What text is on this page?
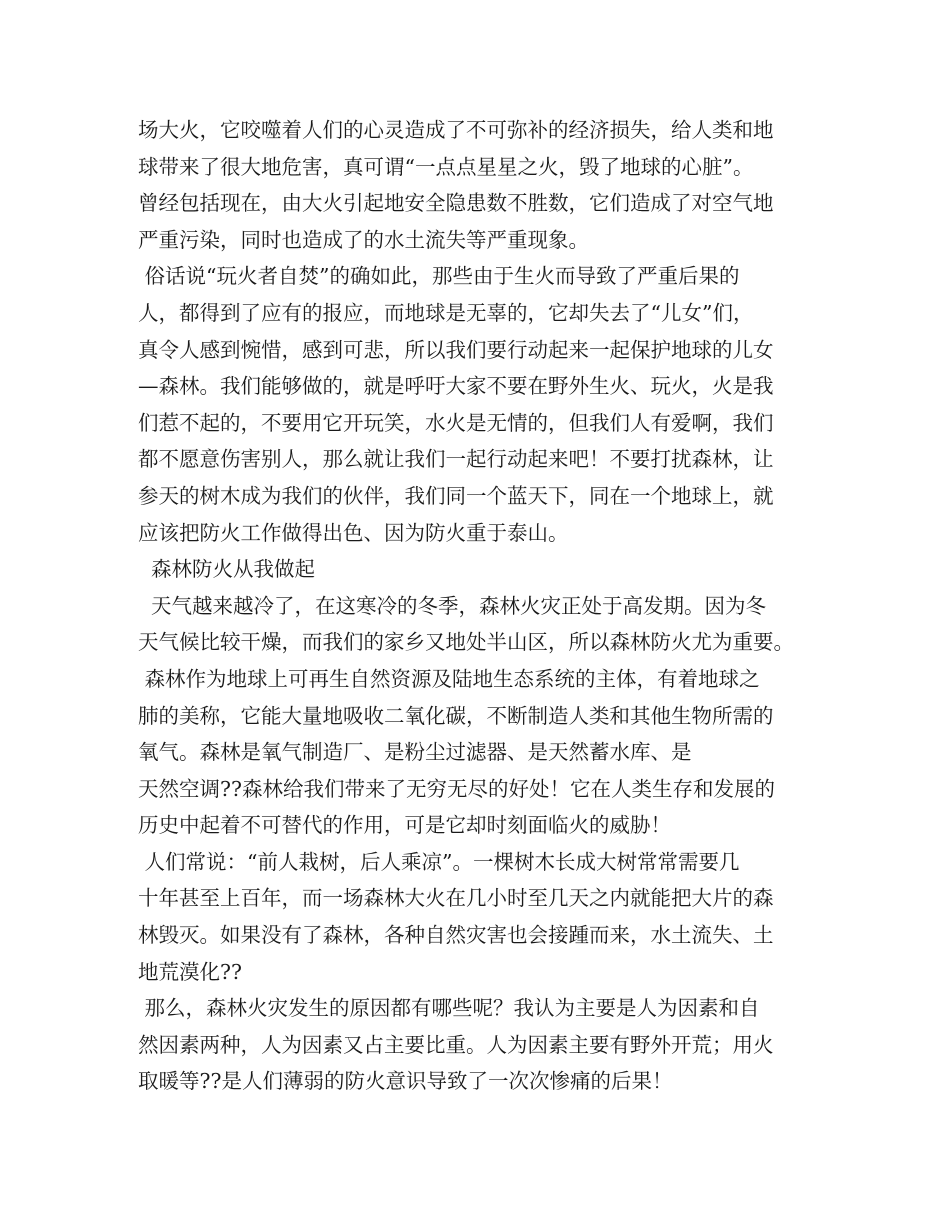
场大火，它咬噬着人们的心灵造成了不可弥补的经济损失，给人类和地
球带来了很大地危害，真可谓“一点点星星之火，毁了地球的心脏”。
曾经包括现在，由大火引起地安全隐患数不胜数，它们造成了对空气地
严重污染，同时也造成了的水土流失等严重现象。
俗话说“玩火者自焚”的确如此，那些由于生火而导致了严重后果的
人，都得到了应有的报应，而地球是无辜的，它却失去了“儿女”们，
真令人感到惋惜，感到可悲，所以我们要行动起来一起保护地球的儿女
—森林。我们能够做的，就是呼吁大家不要在野外生火、玩火，火是我
们惹不起的，不要用它开玩笑，水火是无情的，但我们人有爱啊，我们
都不愿意伤害别人，那么就让我们一起行动起来吧！不要打扰森林，让
参天的树木成为我们的伙伴，我们同一个蓝天下，同在一个地球上，就
应该把防火工作做得出色、因为防火重于泰山。
森林防火从我做起
天气越来越冷了，在这寒冷的冬季，森林火灾正处于高发期。因为冬
天气候比较干燥，而我们的家乡又地处半山区，所以森林防火尤为重要。
森林作为地球上可再生自然资源及陆地生态系统的主体，有着地球之
肺的美称，它能大量地吸收二氧化碳，不断制造人类和其他生物所需的
氧气。森林是氧气制造厂、是粉尘过滤器、是天然蓄水库、是
天然空调??森林给我们带来了无穷无尽的好处！它在人类生存和发展的
历史中起着不可替代的作用，可是它却时刻面临火的威胁！
人们常说：“前人栽树，后人乘凉”。一棵树木长成大树常常需要几
十年甚至上百年，而一场森林大火在几小时至几天之内就能把大片的森
林毁灭。如果没有了森林，各种自然灾害也会接踵而来，水土流失、土
地荒漠化??
那么，森林火灾发生的原因都有哪些呢？我认为主要是人为因素和自
然因素两种，人为因素又占主要比重。人为因素主要有野外开荒；用火
取暖等??是人们薄弱的防火意识导致了一次次惨痛的后果！
